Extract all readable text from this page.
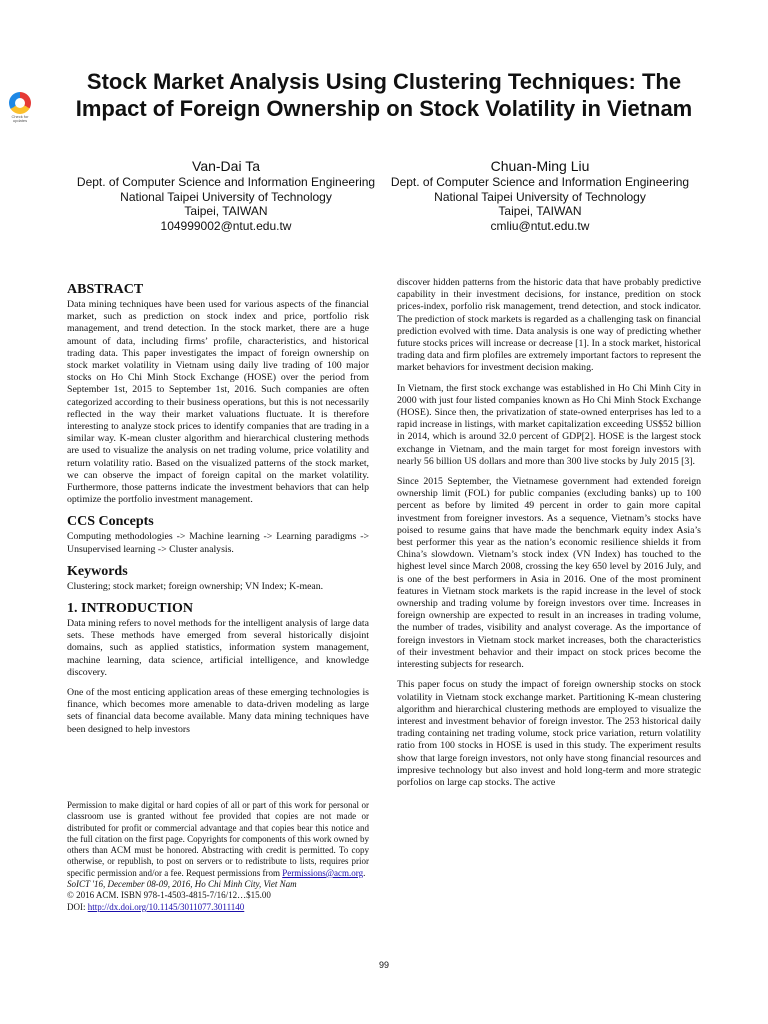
Check for updates
Stock Market Analysis Using Clustering Techniques: The Impact of Foreign Ownership on Stock Volatility in Vietnam
Van-Dai Ta
Dept. of Computer Science and Information Engineering
National Taipei University of Technology
Taipei, TAIWAN
104999002@ntut.edu.tw
Chuan-Ming Liu
Dept. of Computer Science and Information Engineering
National Taipei University of Technology
Taipei, TAIWAN
cmliu@ntut.edu.tw
ABSTRACT

Data mining techniques have been used for various aspects of the financial market, such as prediction on stock index and price, portfolio risk management, and trend detection. In the stock market, there are a huge amount of data, including firms’ profile, characteristics, and historical trading data. This paper investigates the impact of foreign ownership on stock market volatility in Vietnam using daily live trading of 100 major stocks on Ho Chi Minh Stock Exchange (HOSE) over the period from September 1st, 2015 to September 1st, 2016. Such companies are often categorized according to their business operations, but this is not necessarily reflected in the way their market valuations fluctuate. It is therefore interesting to analyze stock prices to identify companies that are trading in a similar way. K-mean cluster algorithm and hierarchical clustering methods are used to visualize the analysis on net trading volume, price volatility and return volatility ratio. Based on the visualized patterns of the stock market, we can observe the impact of foreign capital on the market volatility. Furthermore, those patterns indicate the investment behaviors that can help optimize the portfolio investment management.

CCS Concepts

Computing methodologies -> Machine learning -> Learning paradigms -> Unsupervised learning -> Cluster analysis.

Keywords

Clustering; stock market; foreign ownership; VN Index; K-mean.

1. INTRODUCTION

Data mining refers to novel methods for the intelligent analysis of large data sets. These methods have emerged from several historically disjoint domains, such as applied statistics, information system management, machine learning, data science, artificial intelligence, and knowledge discovery.

One of the most enticing application areas of these emerging technologies is finance, which becomes more amenable to data-driven modeling as large sets of financial data become available. Many data mining techniques have been designed to help investors

Permission to make digital or hard copies of all or part of this work for personal or classroom use is granted without fee provided that copies are not made or distributed for profit or commercial advantage and that copies bear this notice and the full citation on the first page. Copyrights for components of this work owned by others than ACM must be honored. Abstracting with credit is permitted. To copy otherwise, or republish, to post on servers or to redistribute to lists, requires prior specific permission and/or a fee. Request permissions from Permissions@acm.org.
SoICT '16, December 08-09, 2016, Ho Chi Minh City, Viet Nam
© 2016 ACM. ISBN 978-1-4503-4815-7/16/12…$15.00
DOI: http://dx.doi.org/10.1145/3011077.3011140

discover hidden patterns from the historic data that have probably predictive capability in their investment decisions, for instance, predition on stock prices-index, porfolio risk management, trend detection, and stock indicator. The prediction of stock markets is regarded as a challenging task on financial prediction evolved with time. Data analysis is one way of predicting whether future stocks prices will increase or decrease [1]. In a stock market, historical trading data and firm plofiles are extremely important factors to represent the market behaviors for investment decision making.

In Vietnam, the first stock exchange was established in Ho Chi Minh City in 2000 with just four listed companies known as Ho Chi Minh Stock Exchange (HOSE). Since then, the privatization of state-owned enterprises has led to a rapid increase in listings, with market capitalization exceeding US$52 billion in 2014, which is around 32.0 percent of GDP[2]. HOSE is the largest stock exchange in Vietnam, and the main target for most foreign investors with nearly 56 billion US dollars and more than 300 live stocks by July 2015 [3].

Since 2015 September, the Vietnamese government had extended foreign ownership limit (FOL) for public companies (excluding banks) up to 100 percent as before by limited 49 percent in order to gain more capital investment from foreigner investors. As a sequence, Vietnam’s stocks have poised to resume gains that have made the benchmark equity index Asia’s best performer this year as the nation’s economic resilience shields it from China’s slowdown. Vietnam’s stock index (VN Index) has touched to the highest level since March 2008, crossing the key 650 level by 2016 July, and is one of the best performers in Asia in 2016. One of the most prominent features in Vietnam stock markets is the rapid increase in the level of stock ownership and trading volume by foreign investors over time. Increases in foreign ownership are expected to result in an increases in trading volume, the number of trades, visibility and analyst coverage. As the importance of foreign investors in Vietnam stock market increases, both the characteristics of their investment behavior and their impact on stock prices become the interesting subjects for research.

This paper focus on study the impact of foreign ownership stocks on stock volatility in Vietnam stock exchange market. Partitioning K-mean clustering algorithm and hierarchical clustering methods are employed to visualize the interest and investment behavior of foreign investor. The 253 historical daily trading containing net trading volume, stock price variation, return volatility ratio from 100 stocks in HOSE is used in this study. The experiment results show that large foreign investors, not only have stong financial resources and impresive technology but also invest and hold long-term and more strategic porfolios on large cap stocks. The active

99
